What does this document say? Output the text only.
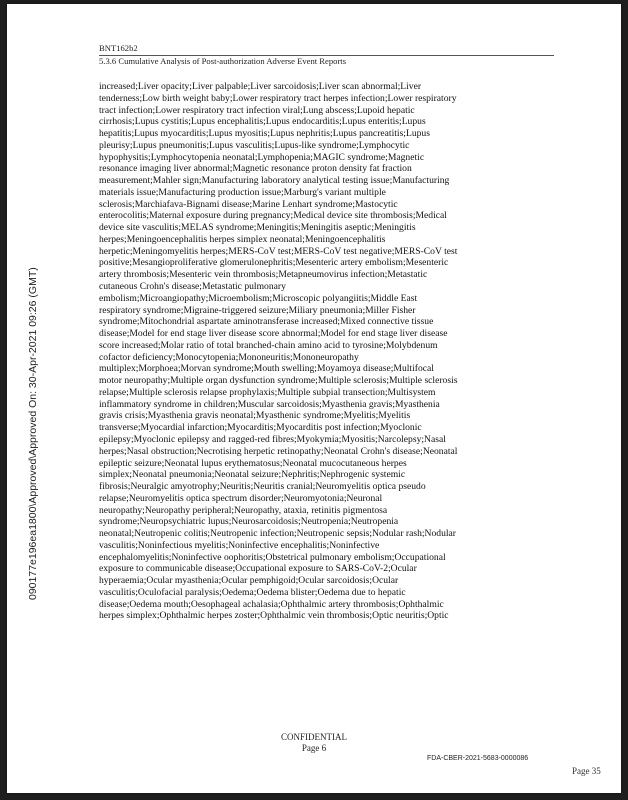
BNT162b2
5.3.6 Cumulative Analysis of Post-authorization Adverse Event Reports
increased;Liver opacity;Liver palpable;Liver sarcoidosis;Liver scan abnormal;Liver
tenderness;Low birth weight baby;Lower respiratory tract herpes infection;Lower respiratory
tract infection;Lower respiratory tract infection viral;Lung abscess;Lupoid hepatic
cirrhosis;Lupus cystitis;Lupus encephalitis;Lupus endocarditis;Lupus enteritis;Lupus
hepatitis;Lupus myocarditis;Lupus myositis;Lupus nephritis;Lupus pancreatitis;Lupus
pleurisy;Lupus pneumonitis;Lupus vasculitis;Lupus-like syndrome;Lymphocytic
hypophysitis;Lymphocytopenia neonatal;Lymphopenia;MAGIC syndrome;Magnetic
resonance imaging liver abnormal;Magnetic resonance proton density fat fraction
measurement;Mahler sign;Manufacturing laboratory analytical testing issue;Manufacturing
materials issue;Manufacturing production issue;Marburg's variant multiple
sclerosis;Marchiafava-Bignami disease;Marine Lenhart syndrome;Mastocytic
enterocolitis;Maternal exposure during pregnancy;Medical device site thrombosis;Medical
device site vasculitis;MELAS syndrome;Meningitis;Meningitis aseptic;Meningitis
herpes;Meningoencephalitis herpes simplex neonatal;Meningoencephalitis
herpetic;Meningomyelitis herpes;MERS-CoV test;MERS-CoV test negative;MERS-CoV test
positive;Mesangioproliferative glomerulonephritis;Mesenteric artery embolism;Mesenteric
artery thrombosis;Mesenteric vein thrombosis;Metapneumovirus infection;Metastatic
cutaneous Crohn's disease;Metastatic pulmonary
embolism;Microangiopathy;Microembolism;Microscopic polyangiitis;Middle East
respiratory syndrome;Migraine-triggered seizure;Miliary pneumonia;Miller Fisher
syndrome;Mitochondrial aspartate aminotransferase increased;Mixed connective tissue
disease;Model for end stage liver disease score abnormal;Model for end stage liver disease
score increased;Molar ratio of total branched-chain amino acid to tyrosine;Molybdenum
cofactor deficiency;Monocytopenia;Mononeuritis;Mononeuropathy
multiplex;Morphoea;Morvan syndrome;Mouth swelling;Moyamoya disease;Multifocal
motor neuropathy;Multiple organ dysfunction syndrome;Multiple sclerosis;Multiple sclerosis
relapse;Multiple sclerosis relapse prophylaxis;Multiple subpial transection;Multisystem
inflammatory syndrome in children;Muscular sarcoidosis;Myasthenia gravis;Myasthenia
gravis crisis;Myasthenia gravis neonatal;Myasthenic syndrome;Myelitis;Myelitis
transverse;Myocardial infarction;Myocarditis;Myocarditis post infection;Myoclonic
epilepsy;Myoclonic epilepsy and ragged-red fibres;Myokymia;Myositis;Narcolepsy;Nasal
herpes;Nasal obstruction;Necrotising herpetic retinopathy;Neonatal Crohn's disease;Neonatal
epileptic seizure;Neonatal lupus erythematosus;Neonatal mucocutaneous herpes
simplex;Neonatal pneumonia;Neonatal seizure;Nephritis;Nephrogenic systemic
fibrosis;Neuralgic amyotrophy;Neuritis;Neuritis cranial;Neuromyelitis optica pseudo
relapse;Neuromyelitis optica spectrum disorder;Neuromyotonia;Neuronal
neuropathy;Neuropathy peripheral;Neuropathy, ataxia, retinitis pigmentosa
syndrome;Neuropsychiatric lupus;Neurosarcoidosis;Neutropenia;Neutropenia
neonatal;Neutropenic colitis;Neutropenic infection;Neutropenic sepsis;Nodular rash;Nodular
vasculitis;Noninfectious myelitis;Noninfective encephalitis;Noninfective
encephalomyelitis;Noninfective oophoritis;Obstetrical pulmonary embolism;Occupational
exposure to communicable disease;Occupational exposure to SARS-CoV-2;Ocular
hyperaemia;Ocular myasthenia;Ocular pemphigoid;Ocular sarcoidosis;Ocular
vasculitis;Oculofacial paralysis;Oedema;Oedema blister;Oedema due to hepatic
disease;Oedema mouth;Oesophageal achalasia;Ophthalmic artery thrombosis;Ophthalmic
herpes simplex;Ophthalmic herpes zoster;Ophthalmic vein thrombosis;Optic neuritis;Optic
CONFIDENTIAL
Page 6
FDA-CBER-2021-5683-0000086
Page 35
090177e196ea1800\Approved\Approved On: 30-Apr-2021 09:26 (GMT)
